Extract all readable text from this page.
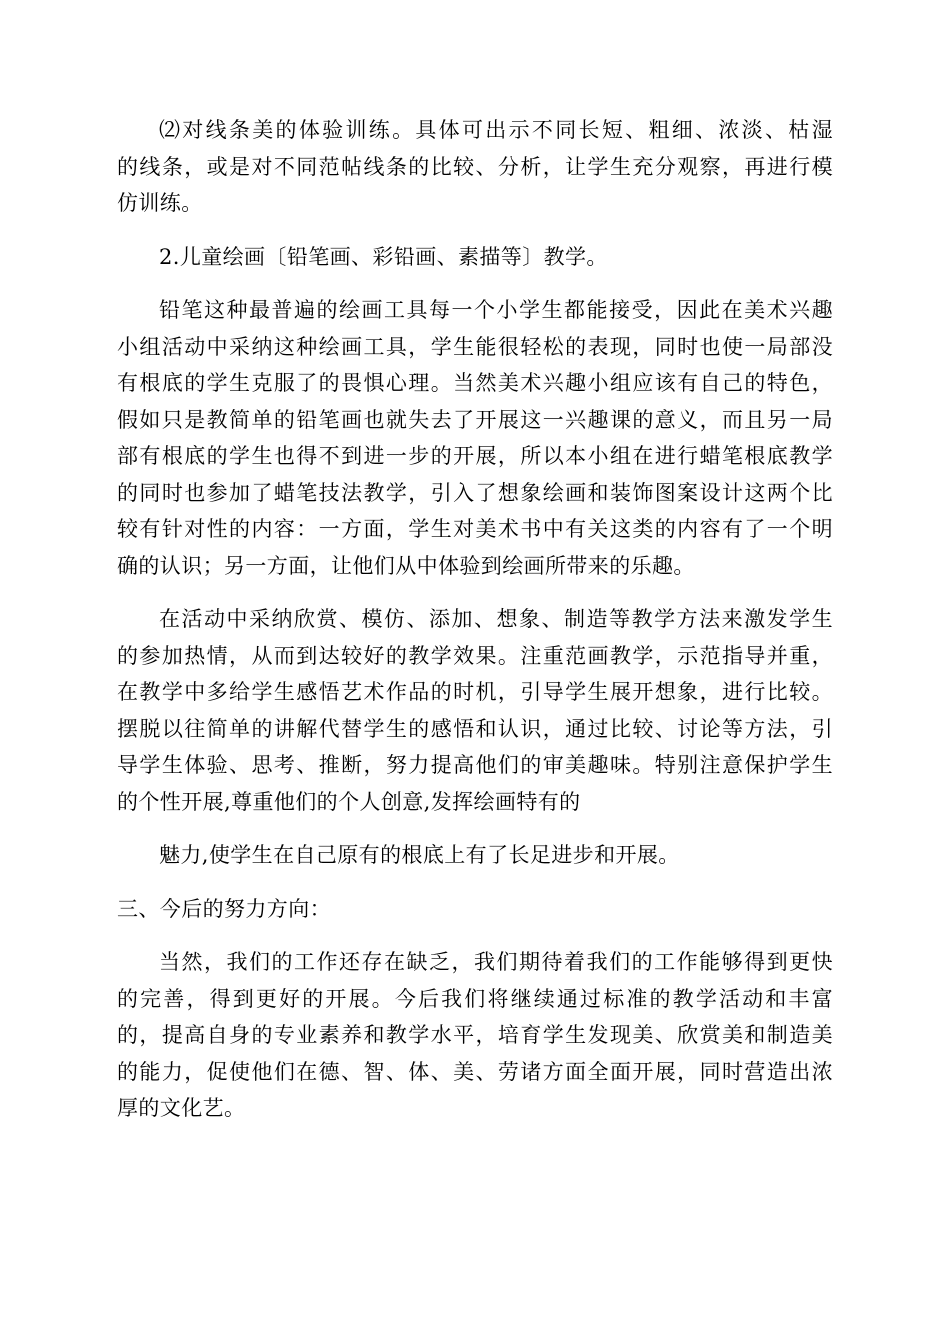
⑵对线条美的体验训练。具体可出示不同长短、粗细、浓淡、枯湿
的线条，或是对不同范帖线条的比较、分析，让学生充分观察，再进行模
仿训练。
2.儿童绘画〔铅笔画、彩铅画、素描等〕教学。
铅笔这种最普遍的绘画工具每一个小学生都能接受，因此在美术兴趣
小组活动中采纳这种绘画工具，学生能很轻松的表现，同时也使一局部没
有根底的学生克服了的畏惧心理。当然美术兴趣小组应该有自己的特色，
假如只是教简单的铅笔画也就失去了开展这一兴趣课的意义，而且另一局
部有根底的学生也得不到进一步的开展，所以本小组在进行蜡笔根底教学
的同时也参加了蜡笔技法教学，引入了想象绘画和装饰图案设计这两个比
较有针对性的内容：一方面，学生对美术书中有关这类的内容有了一个明
确的认识；另一方面，让他们从中体验到绘画所带来的乐趣。
在活动中采纳欣赏、模仿、添加、想象、制造等教学方法来激发学生
的参加热情，从而到达较好的教学效果。注重范画教学，示范指导并重，
在教学中多给学生感悟艺术作品的时机，引导学生展开想象，进行比较。
摆脱以往简单的讲解代替学生的感悟和认识，通过比较、讨论等方法，引
导学生体验、思考、推断，努力提高他们的审美趣味。特别注意保护学生
的个性开展,尊重他们的个人创意,发挥绘画特有的
魅力,使学生在自己原有的根底上有了长足进步和开展。
三、今后的努力方向：
当然，我们的工作还存在缺乏，我们期待着我们的工作能够得到更快
的完善，得到更好的开展。今后我们将继续通过标准的教学活动和丰富
的，提高自身的专业素养和教学水平，培育学生发现美、欣赏美和制造美
的能力，促使他们在德、智、体、美、劳诸方面全面开展，同时营造出浓
厚的文化艺。
